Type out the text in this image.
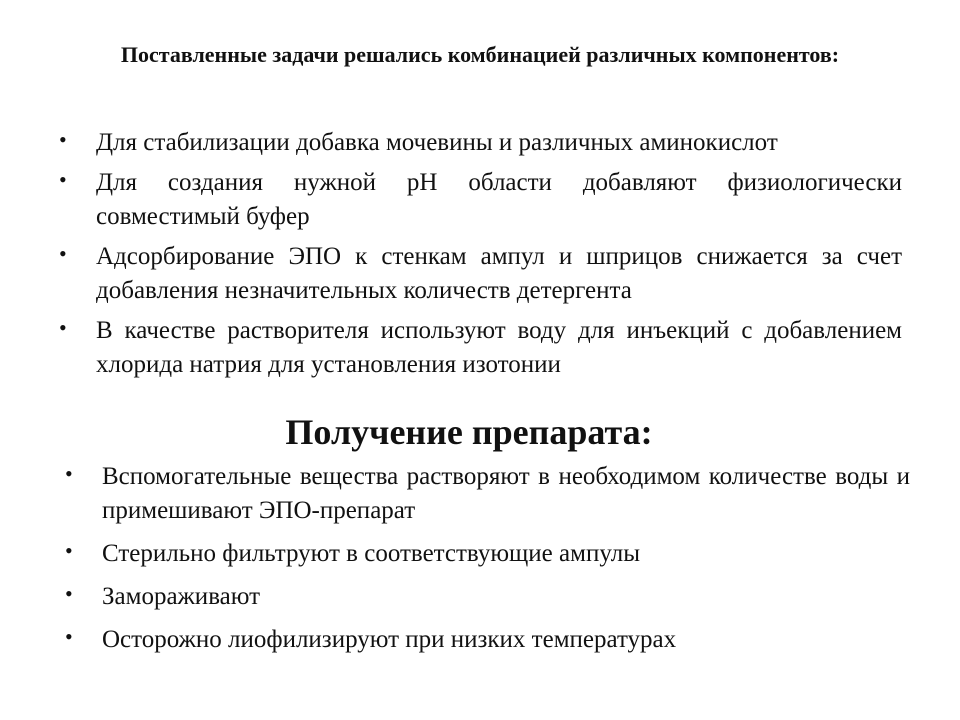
Поставленные задачи решались комбинацией различных компонентов:
• Для стабилизации добавка мочевины и различных аминокислот
• Для создания нужной pH области добавляют физиологически совместимый буфер
• Адсорбирование ЭПО к стенкам ампул и шприцов снижается за счет добавления незначительных количеств детергента
• В качестве растворителя используют воду для инъекций с добавлением хлорида натрия для установления изотонии
Получение препарата:
• Вспомогательные вещества растворяют в необходимом количестве воды и примешивают ЭПО-препарат
• Стерильно фильтруют в соответствующие ампулы
• Замораживают
• Осторожно лиофилизируют при низких температурах
